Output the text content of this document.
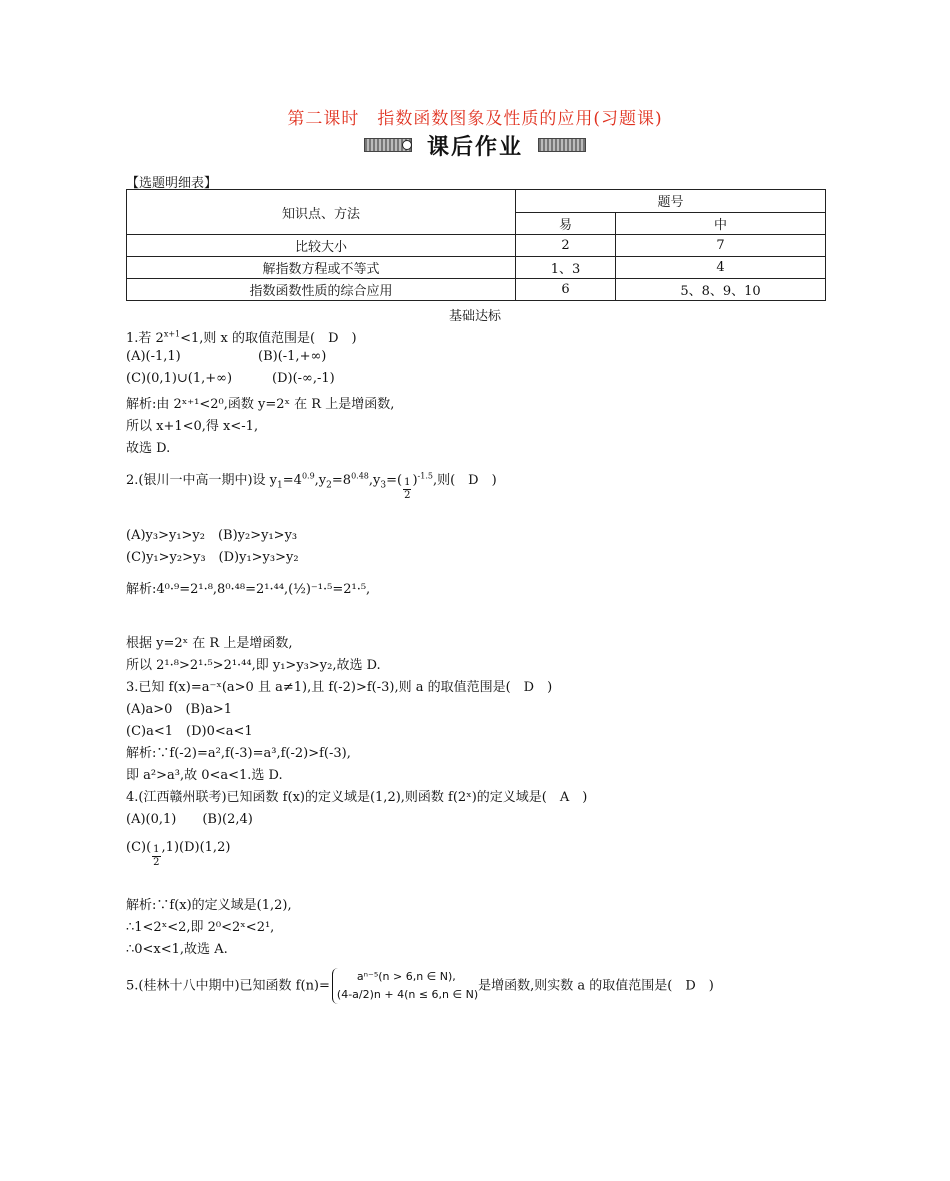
第二课时　指数函数图象及性质的应用(习题课)
课后作业
【选题明细表】
知识点、方法	题号	
	易	中
比较大小	2	7
解指数方程或不等式	1、3	4
指数函数性质的综合应用	6	5、8、9、10
基础达标
1.若 $2^{x+1}<1$,则 x 的取值范围是(　D　)
(A)(-1,1)	(B)(-1,+∞)
(C)(0,1)∪(1,+∞)	(D)(-∞,-1)
解析:由 2ˣ⁺¹<2⁰,函数 y=2ˣ 在 R 上是增函数,
所以 x+1<0,得 x<-1,
故选 D.
2.(银川一中高一期中)设 $y_1=4^{0.9},y_2=8^{0.48},y_3=( \frac{1}{2} )^{-1.5}$,则(　D　)
(A)y₃>y₁>y₂　(B)y₂>y₁>y₃
(C)y₁>y₂>y₃　(D)y₁>y₃>y₂
解析:4⁰·⁹=2¹·⁸,8⁰·⁴⁸=2¹·⁴⁴,(½)⁻¹·⁵=2¹·⁵,
根据 y=2ˣ 在 R 上是增函数,
所以 2¹·⁸>2¹·⁵>2¹·⁴⁴,即 y₁>y₃>y₂,故选 D.
3.已知 f(x)=a⁻ˣ(a>0 且 a≠1),且 f(-2)>f(-3),则 a 的取值范围是(　D　)
(A)a>0　(B)a>1
(C)a<1　(D)0<a<1
解析:∵f(-2)=a²,f(-3)=a³,f(-2)>f(-3),
即 a²>a³,故 0<a<1.选 D.
4.(江西赣州联考)已知函数 f(x)的定义域是(1,2),则函数 f(2ˣ)的定义域是(　A　)
(A)(0,1)　　(B)(2,4)
$(C)( \frac{1}{2} ,1)(D)(1,2)$
解析:∵f(x)的定义域是(1,2),
∴1<2ˣ<2,即 2⁰<2ˣ<2¹,
∴0<x<1,故选 A.
5.(桂林十八中期中)已知函数 f(n)=
aⁿ⁻⁵(n > 6,n ∈ N),
(4-a/2)n + 4(n ≤ 6,n ∈ N)
是增函数,则实数 a 的取值范围是(　D　)
